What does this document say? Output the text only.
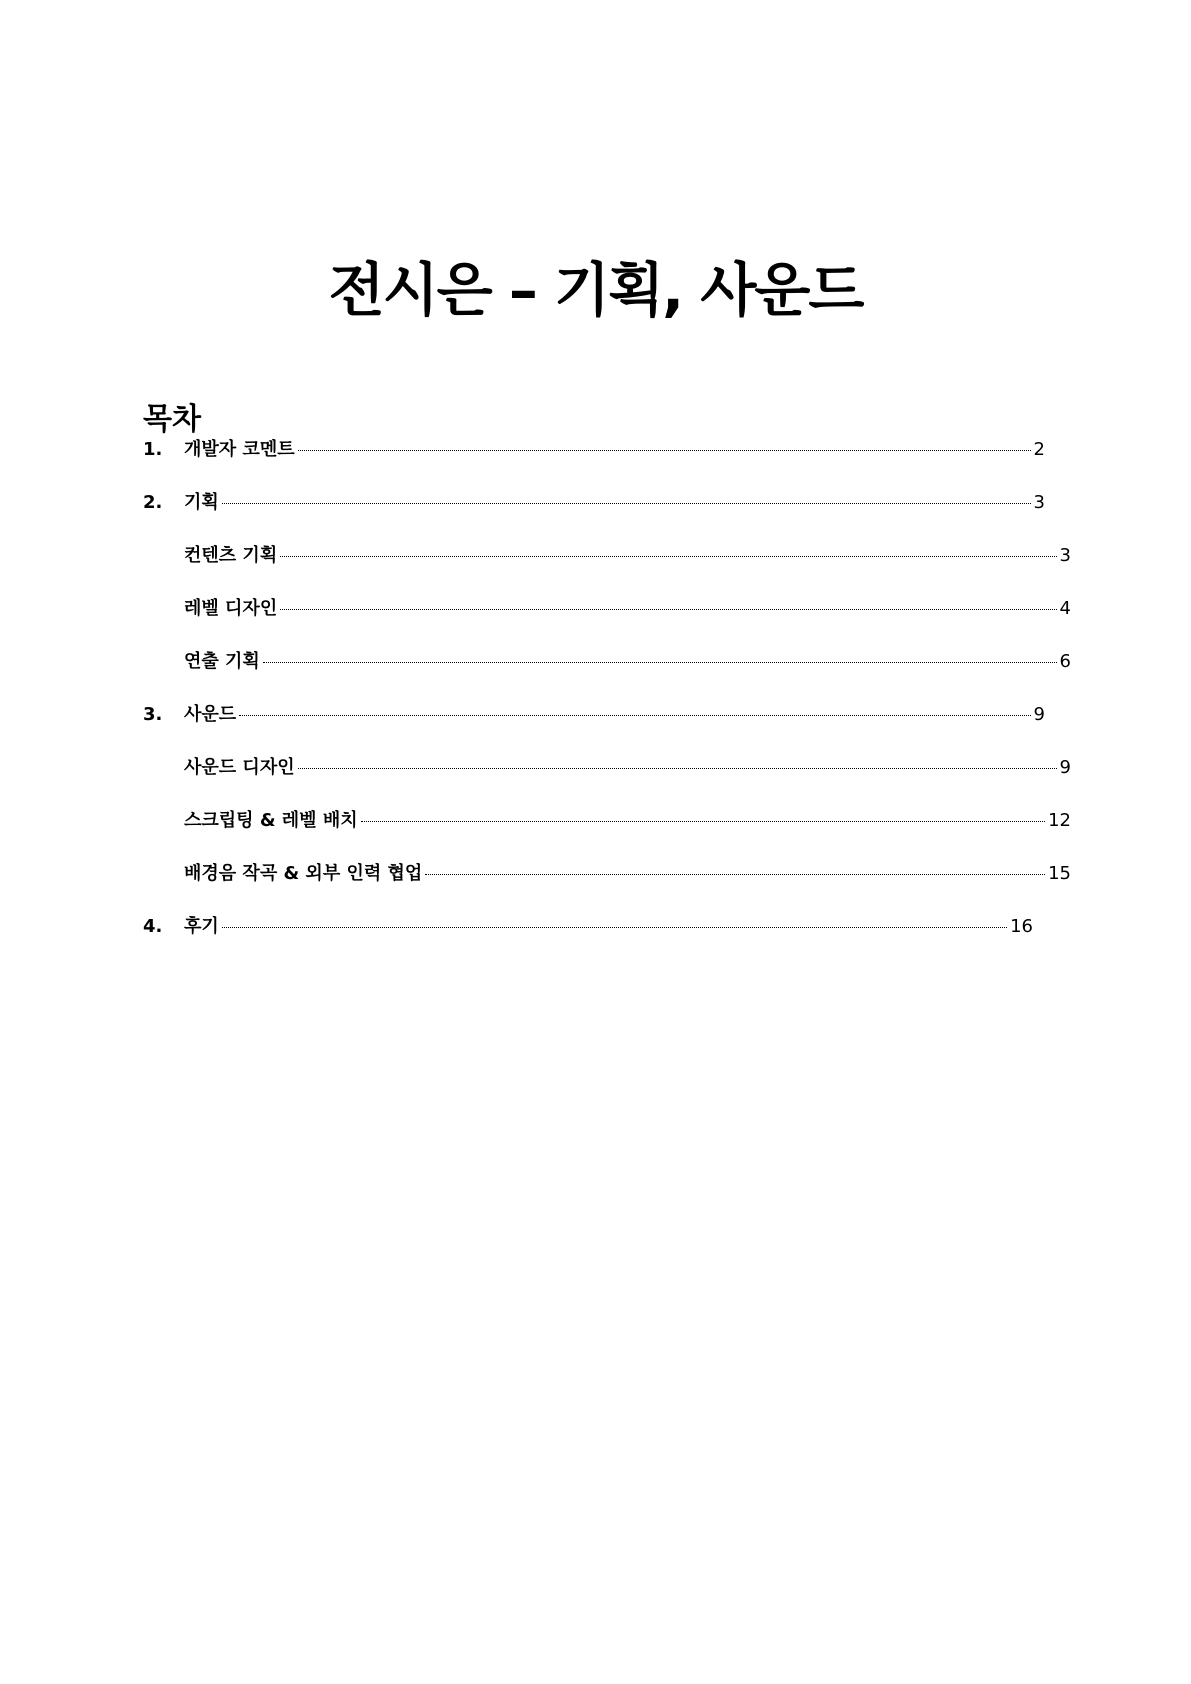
전시은 – 기획, 사운드
목차
1.	개발자 코멘트	2
2.	기획	3
컨텐츠 기획	3
레벨 디자인	4
연출 기획	6
3.	사운드	9
사운드 디자인	9
스크립팅 & 레벨 배치	12
배경음 작곡 & 외부 인력 협업	15
4.	후기	16
